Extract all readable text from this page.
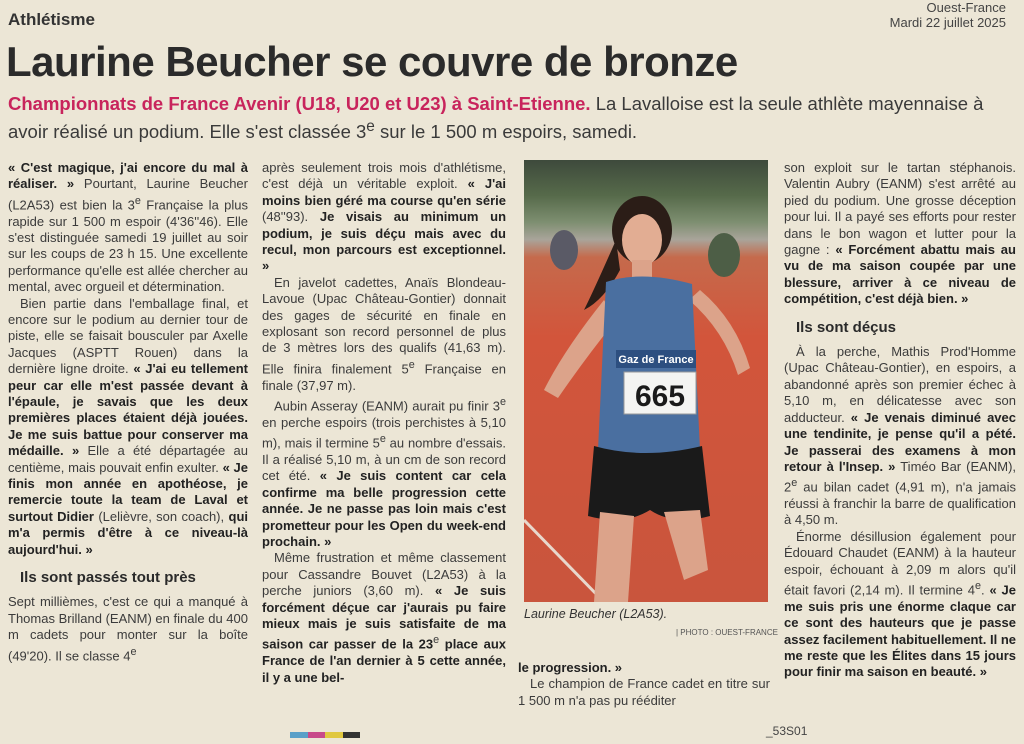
Athlétisme
Ouest-France
Mardi 22 juillet 2025
Laurine Beucher se couvre de bronze
Championnats de France Avenir (U18, U20 et U23) à Saint-Etienne. La Lavalloise est la seule athlète mayennaise à avoir réalisé un podium. Elle s'est classée 3e sur le 1 500 m espoirs, samedi.

« C'est magique, j'ai encore du mal à réaliser. » Pourtant, Laurine Beucher (L2A53) est bien la 3e Française la plus rapide sur 1 500 m espoir (4'36''46). Elle s'est distinguée samedi 19 juillet au soir sur les coups de 23 h 15. Une excellente performance qu'elle est allée chercher au mental, avec orgueil et détermination.

Bien partie dans l'emballage final, et encore sur le podium au dernier tour de piste, elle se faisait bousculer par Axelle Jacques (ASPTT Rouen) dans la dernière ligne droite. « J'ai eu tellement peur car elle m'est passée devant à l'épaule, je savais que les deux premières places étaient déjà jouées. Je me suis battue pour conserver ma médaille. » Elle a été départagée au centième, mais pouvait enfin exulter. « Je finis mon année en apothéose, je remercie toute la team de Laval et surtout Didier (Lelièvre, son coach), qui m'a permis d'être à ce niveau-là aujourd'hui. »

Ils sont passés tout près

Sept millièmes, c'est ce qui a manqué à Thomas Brilland (EANM) en finale du 400 m cadets pour monter sur la boîte (49'20). Il se classe 4e

après seulement trois mois d'athlétisme, c'est déjà un véritable exploit. « J'ai moins bien géré ma course qu'en série (48''93). Je visais au minimum un podium, je suis déçu mais avec du recul, mon parcours est exceptionnel. »

En javelot cadettes, Anaïs Blondeau-Lavoue (Upac Château-Gontier) donnait des gages de sécurité en finale en explosant son record personnel de plus de 3 mètres lors des qualifs (41,63 m). Elle finira finalement 5e Française en finale (37,97 m).

Aubin Asseray (EANM) aurait pu finir 3e en perche espoirs (trois perchistes à 5,10 m), mais il termine 5e au nombre d'essais. Il a réalisé 5,10 m, à un cm de son record cet été. « Je suis content car cela confirme ma belle progression cette année. Je ne passe pas loin mais c'est prometteur pour les Open du week-end prochain. »

Même frustration et même classement pour Cassandre Bouvet (L2A53) à la perche juniors (3,60 m). « Je suis forcément déçue car j'aurais pu faire mieux mais je suis satisfaite de ma saison car passer de la 23e place aux France de l'an dernier à 5 cette année, il y a une bel-

Gaz de France
665
Laurine Beucher (L2A53).
| PHOTO : OUEST-FRANCE

le progression. »

Le champion de France cadet en titre sur 1 500 m n'a pas pu rééditer

son exploit sur le tartan stéphanois. Valentin Aubry (EANM) s'est arrêté au pied du podium. Une grosse déception pour lui. Il a payé ses efforts pour rester dans le bon wagon et lutter pour la gagne : « Forcément abattu mais au vu de ma saison coupée par une blessure, arriver à ce niveau de compétition, c'est déjà bien. »

Ils sont déçus

À la perche, Mathis Prod'Homme (Upac Château-Gontier), en espoirs, a abandonné après son premier échec à 5,10 m, en délicatesse avec son adducteur. « Je venais diminué avec une tendinite, je pense qu'il a pété. Je passerai des examens à mon retour à l'Insep. » Timéo Bar (EANM), 2e au bilan cadet (4,91 m), n'a jamais réussi à franchir la barre de qualification à 4,50 m.

Énorme désillusion également pour Édouard Chaudet (EANM) à la hauteur espoir, échouant à 2,09 m alors qu'il était favori (2,14 m). Il termine 4e. « Je me suis pris une énorme claque car ce sont des hauteurs que je passe assez facilement habituellement. Il ne me reste que les Élites dans 15 jours pour finir ma saison en beauté. »

_53S01
